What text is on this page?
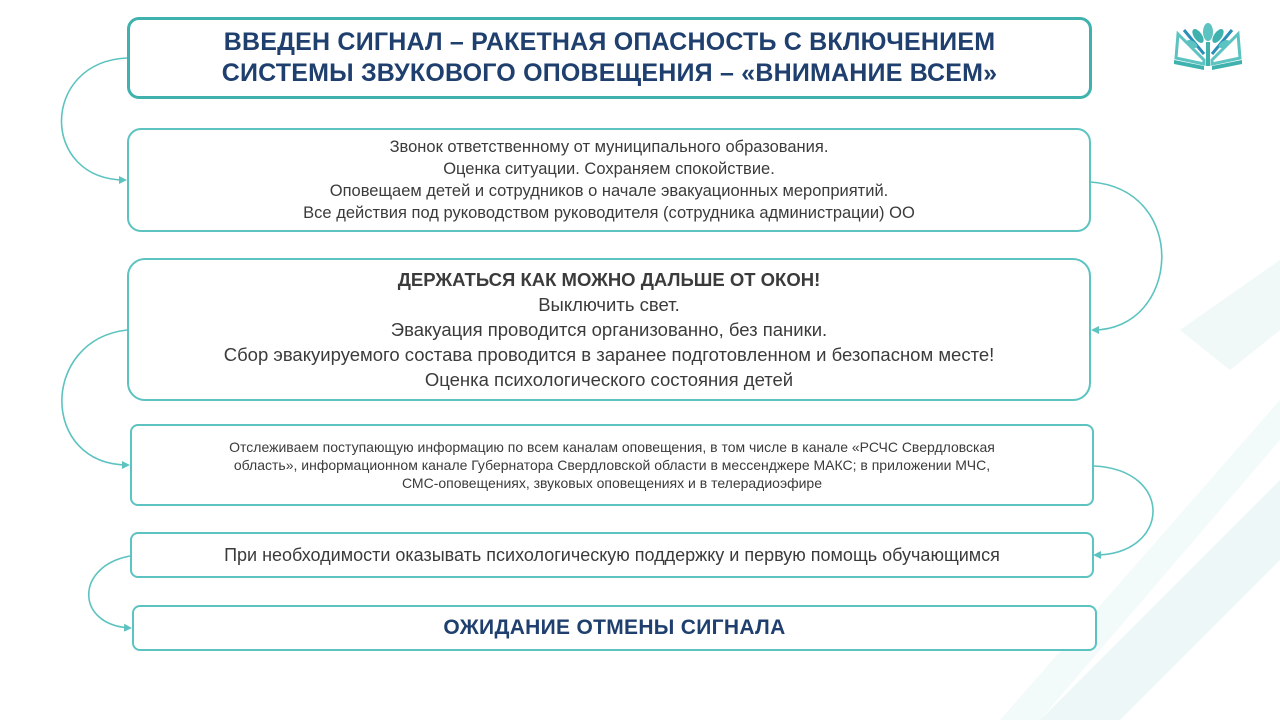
ВВЕДЕН СИГНАЛ – РАКЕТНАЯ ОПАСНОСТЬ С ВКЛЮЧЕНИЕМ
СИСТЕМЫ ЗВУКОВОГО ОПОВЕЩЕНИЯ – «ВНИМАНИЕ ВСЕМ»
Звонок ответственному от муниципального образования.
Оценка ситуации. Сохраняем спокойствие.
Оповещаем детей и сотрудников о начале эвакуационных мероприятий.
Все действия под руководством руководителя (сотрудника администрации) ОО
ДЕРЖАТЬСЯ КАК МОЖНО ДАЛЬШЕ ОТ ОКОН!
Выключить свет.
Эвакуация проводится организованно, без паники.
Сбор эвакуируемого состава проводится в заранее подготовленном и безопасном месте!
Оценка психологического состояния детей
Отслеживаем поступающую информацию по всем каналам оповещения, в том числе в канале «РСЧС Свердловская
область», информационном канале Губернатора Свердловской области в мессенджере МАКС; в приложении МЧС,
СМС-оповещениях, звуковых оповещениях и в телерадиоэфире
При необходимости оказывать психологическую поддержку и первую помощь обучающимся
ОЖИДАНИЕ ОТМЕНЫ СИГНАЛА
